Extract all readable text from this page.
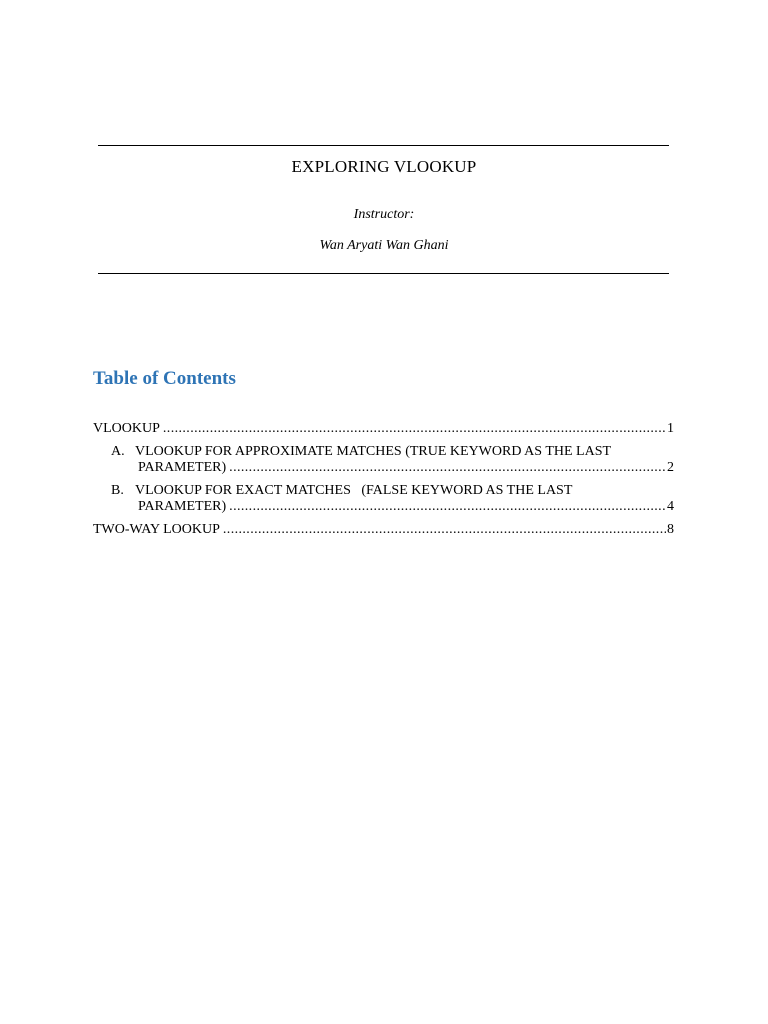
EXPLORING VLOOKUP
Instructor:
Wan Aryati Wan Ghani
Table of Contents
VLOOKUP .....	1
A. VLOOKUP FOR APPROXIMATE MATCHES (TRUE KEYWORD AS THE LAST
PARAMETER) .....	2
B. VLOOKUP FOR EXACT MATCHES   (FALSE KEYWORD AS THE LAST
PARAMETER) .....	4
TWO-WAY LOOKUP .....	8
